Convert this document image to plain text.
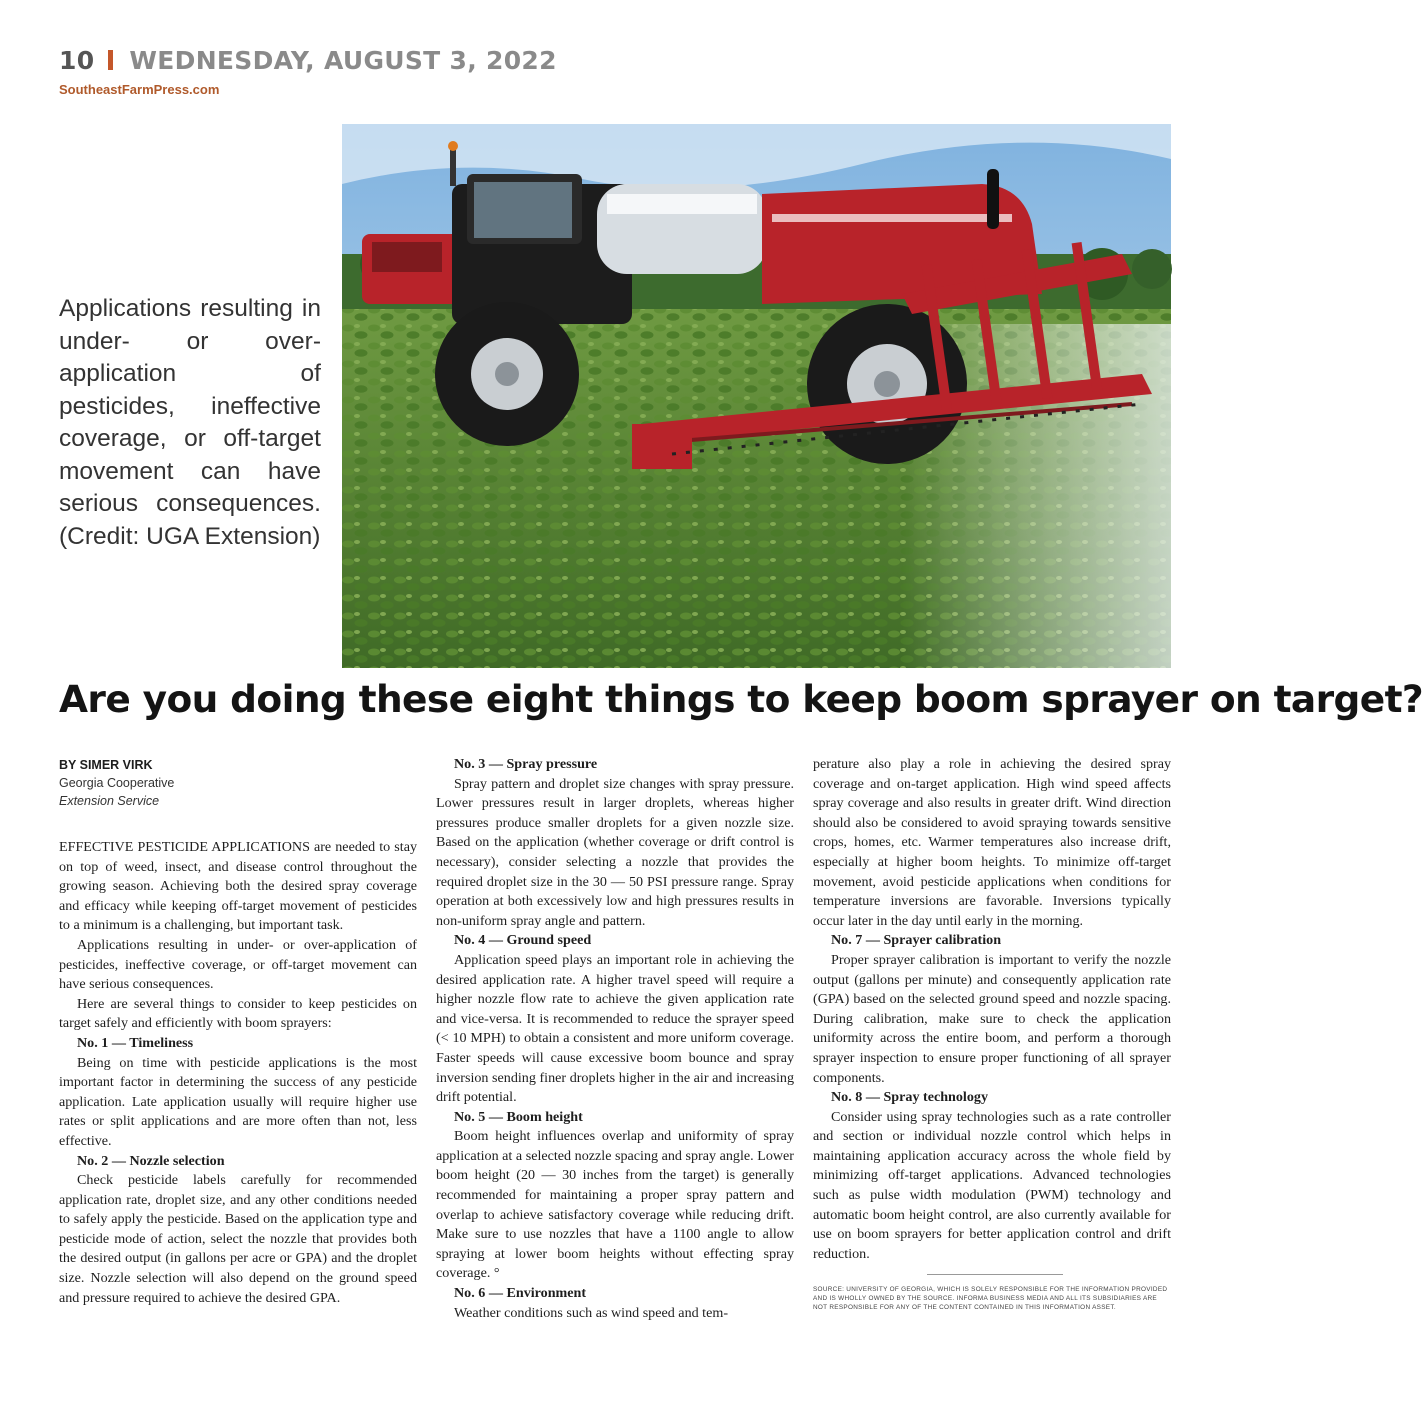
10 WEDNESDAY, AUGUST 3, 2022
SoutheastFarmPress.com
Applications resulting in under- or over-application of pesticides, ineffective coverage, or off-target movement can have serious consequences. (Credit: UGA Extension)
Are you doing these eight things to keep boom sprayer on target?
BY SIMER VIRK
Georgia Cooperative
Extension Service

EFFECTIVE PESTICIDE APPLICATIONS are needed to stay on top of weed, insect, and disease control throughout the growing season. Achieving both the desired spray coverage and efficacy while keeping off-target movement of pesticides to a minimum is a challenging, but important task.

Applications resulting in under- or over-application of pesticides, ineffective coverage, or off-target movement can have serious consequences.

Here are several things to consider to keep pesticides on target safely and efficiently with boom sprayers:

No. 1 — Timeliness

Being on time with pesticide applications is the most important factor in determining the success of any pesticide application. Late application usually will require higher use rates or split applications and are more often than not, less effective.

No. 2 — Nozzle selection

Check pesticide labels carefully for recommended application rate, droplet size, and any other conditions needed to safely apply the pesticide. Based on the application type and pesticide mode of action, select the nozzle that provides both the desired output (in gallons per acre or GPA) and the droplet size. Nozzle selection will also depend on the ground speed and pressure required to achieve the desired GPA.

No. 3 — Spray pressure

Spray pattern and droplet size changes with spray pressure. Lower pressures result in larger droplets, whereas higher pressures produce smaller droplets for a given nozzle size. Based on the application (whether coverage or drift control is necessary), consider selecting a nozzle that provides the required droplet size in the 30 — 50 PSI pressure range. Spray operation at both excessively low and high pressures results in non-uniform spray angle and pattern.

No. 4 — Ground speed

Application speed plays an important role in achieving the desired application rate. A higher travel speed will require a higher nozzle flow rate to achieve the given application rate and vice-versa. It is recommended to reduce the sprayer speed (< 10 MPH) to obtain a consistent and more uniform coverage. Faster speeds will cause excessive boom bounce and spray inversion sending finer droplets higher in the air and increasing drift potential.

No. 5 — Boom height

Boom height influences overlap and uniformity of spray application at a selected nozzle spacing and spray angle. Lower boom height (20 — 30 inches from the target) is generally recommended for maintaining a proper spray pattern and overlap to achieve satisfactory coverage while reducing drift. Make sure to use nozzles that have a 1100 angle to allow spraying at lower boom heights without effecting spray coverage. °

No. 6 — Environment

Weather conditions such as wind speed and tem-

perature also play a role in achieving the desired spray coverage and on-target application. High wind speed affects spray coverage and also results in greater drift. Wind direction should also be considered to avoid spraying towards sensitive crops, homes, etc. Warmer temperatures also increase drift, especially at higher boom heights. To minimize off-target movement, avoid pesticide applications when conditions for temperature inversions are favorable. Inversions typically occur later in the day until early in the morning.

No. 7 — Sprayer calibration

Proper sprayer calibration is important to verify the nozzle output (gallons per minute) and consequently application rate (GPA) based on the selected ground speed and nozzle spacing. During calibration, make sure to check the application uniformity across the entire boom, and perform a thorough sprayer inspection to ensure proper functioning of all sprayer components.

No. 8 — Spray technology

Consider using spray technologies such as a rate controller and section or individual nozzle control which helps in maintaining application accuracy across the whole field by minimizing off-target applications. Advanced technologies such as pulse width modulation (PWM) technology and automatic boom height control, are also currently available for use on boom sprayers for better application control and drift reduction.

SOURCE: UNIVERSITY OF GEORGIA, WHICH IS SOLELY RESPONSIBLE FOR THE INFORMATION PROVIDED AND IS WHOLLY OWNED BY THE SOURCE. INFORMA BUSINESS MEDIA AND ALL ITS SUBSIDIARIES ARE NOT RESPONSIBLE FOR ANY OF THE CONTENT CONTAINED IN THIS INFORMATION ASSET.
